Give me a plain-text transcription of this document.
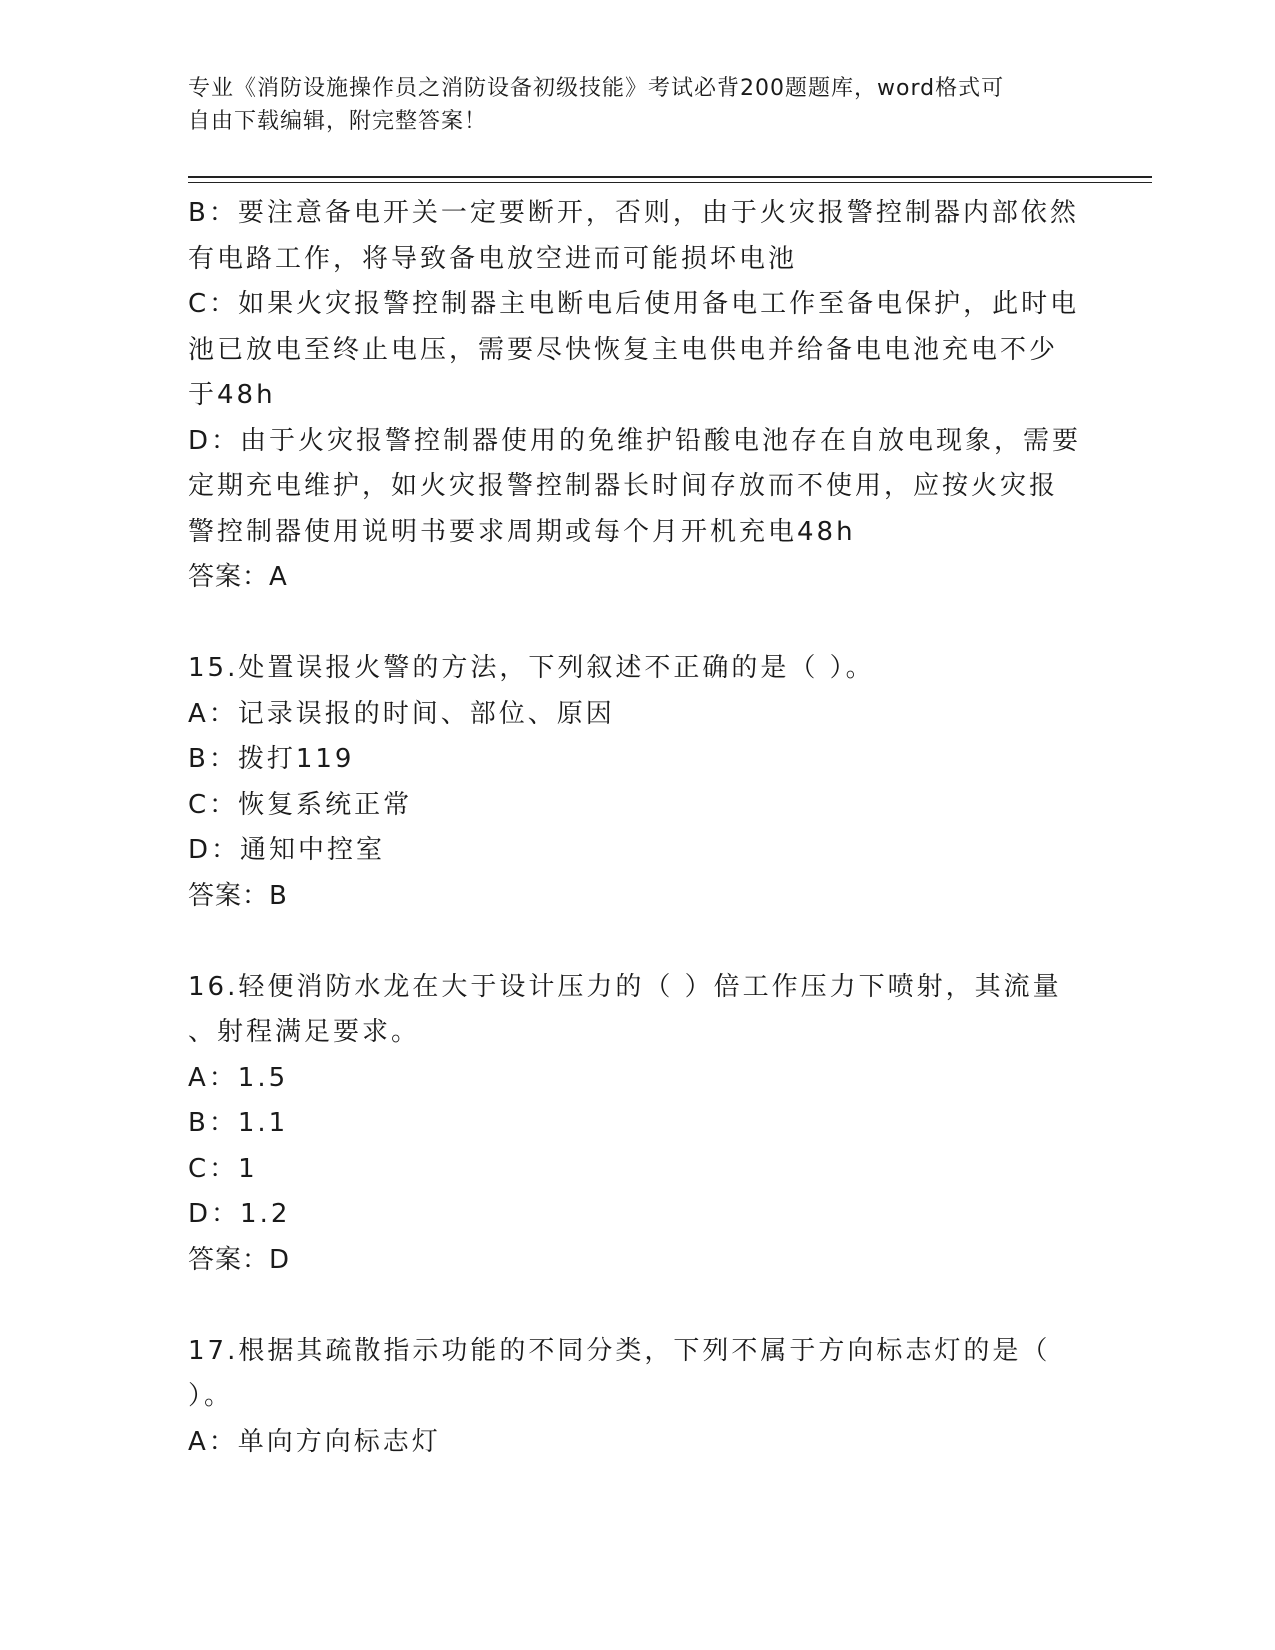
专业《消防设施操作员之消防设备初级技能》考试必背200题题库，word格式可
自由下载编辑，附完整答案！
B：要注意备电开关一定要断开，否则，由于火灾报警控制器内部依然
有电路工作，将导致备电放空进而可能损坏电池
C：如果火灾报警控制器主电断电后使用备电工作至备电保护，此时电
池已放电至终止电压，需要尽快恢复主电供电并给备电电池充电不少
于48h
D：由于火灾报警控制器使用的免维护铅酸电池存在自放电现象，需要
定期充电维护，如火灾报警控制器长时间存放而不使用，应按火灾报
警控制器使用说明书要求周期或每个月开机充电48h
答案：A
15.处置误报火警的方法，下列叙述不正确的是（ ）。
A：记录误报的时间、部位、原因
B：拨打119
C：恢复系统正常
D：通知中控室
答案：B
16.轻便消防水龙在大于设计压力的（ ）倍工作压力下喷射，其流量
、射程满足要求。
A：1.5
B：1.1
C：1
D：1.2
答案：D
17.根据其疏散指示功能的不同分类，下列不属于方向标志灯的是（
）。
A：单向方向标志灯
